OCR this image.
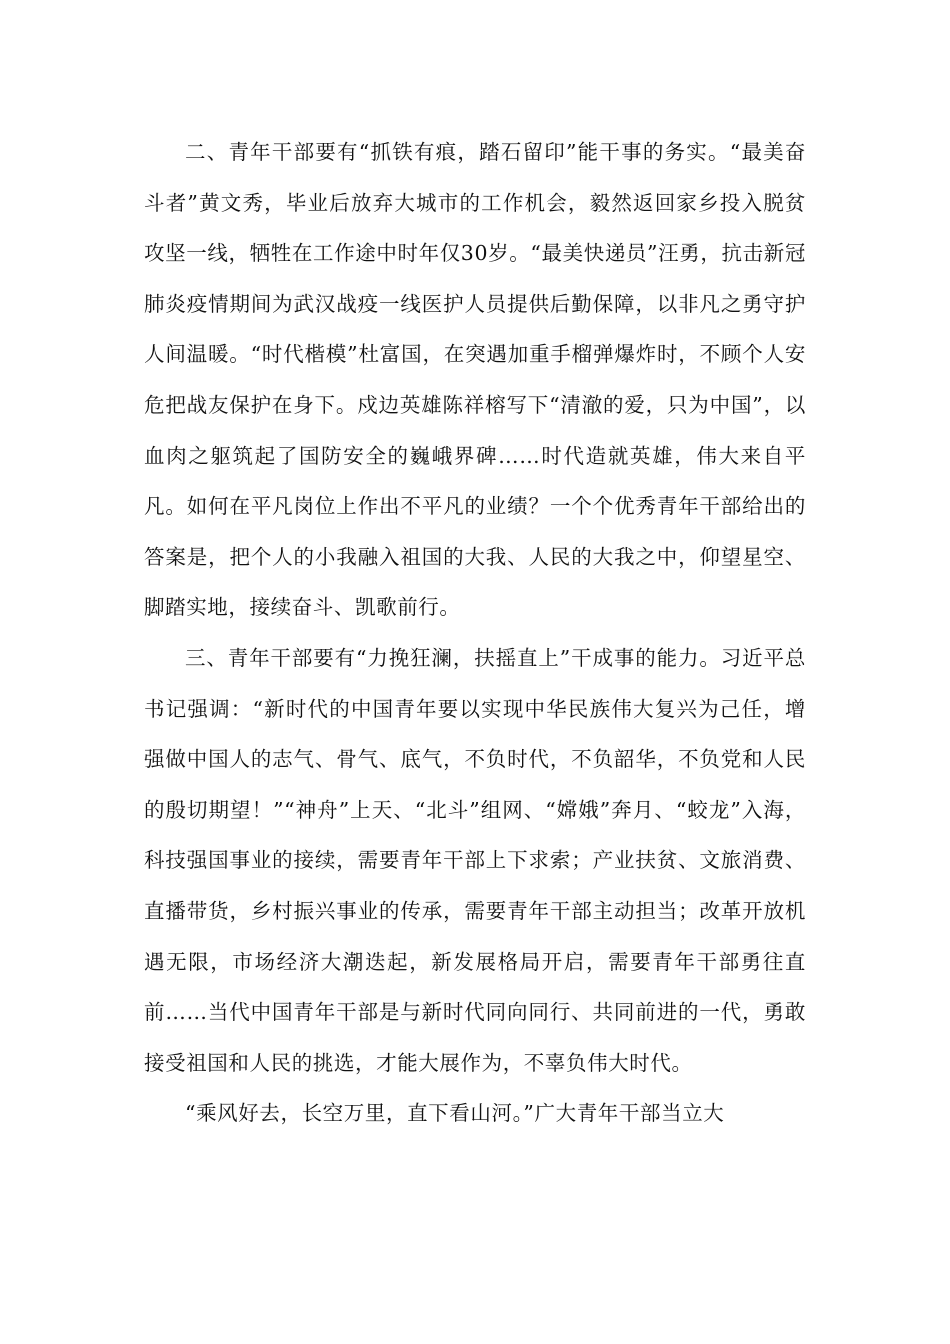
二、青年干部要有“抓铁有痕，踏石留印”能干事的务实。“最美奋斗者”黄文秀，毕业后放弃大城市的工作机会，毅然返回家乡投入脱贫攻坚一线，牺牲在工作途中时年仅30岁。“最美快递员”汪勇，抗击新冠肺炎疫情期间为武汉战疫一线医护人员提供后勤保障，以非凡之勇守护人间温暖。“时代楷模”杜富国，在突遇加重手榴弹爆炸时，不顾个人安危把战友保护在身下。戍边英雄陈祥榕写下“清澈的爱，只为中国”，以血肉之躯筑起了国防安全的巍峨界碑……时代造就英雄，伟大来自平凡。如何在平凡岗位上作出不平凡的业绩？一个个优秀青年干部给出的答案是，把个人的小我融入祖国的大我、人民的大我之中，仰望星空、脚踏实地，接续奋斗、凯歌前行。

三、青年干部要有“力挽狂澜，扶摇直上”干成事的能力。习近平总书记强调：“新时代的中国青年要以实现中华民族伟大复兴为己任，增强做中国人的志气、骨气、底气，不负时代，不负韶华，不负党和人民的殷切期望！”“神舟”上天、“北斗”组网、“嫦娥”奔月、“蛟龙”入海，科技强国事业的接续，需要青年干部上下求索；产业扶贫、文旅消费、直播带货，乡村振兴事业的传承，需要青年干部主动担当；改革开放机遇无限，市场经济大潮迭起，新发展格局开启，需要青年干部勇往直前……当代中国青年干部是与新时代同向同行、共同前进的一代，勇敢接受祖国和人民的挑选，才能大展作为，不辜负伟大时代。

“乘风好去，长空万里，直下看山河。”广大青年干部当立大
